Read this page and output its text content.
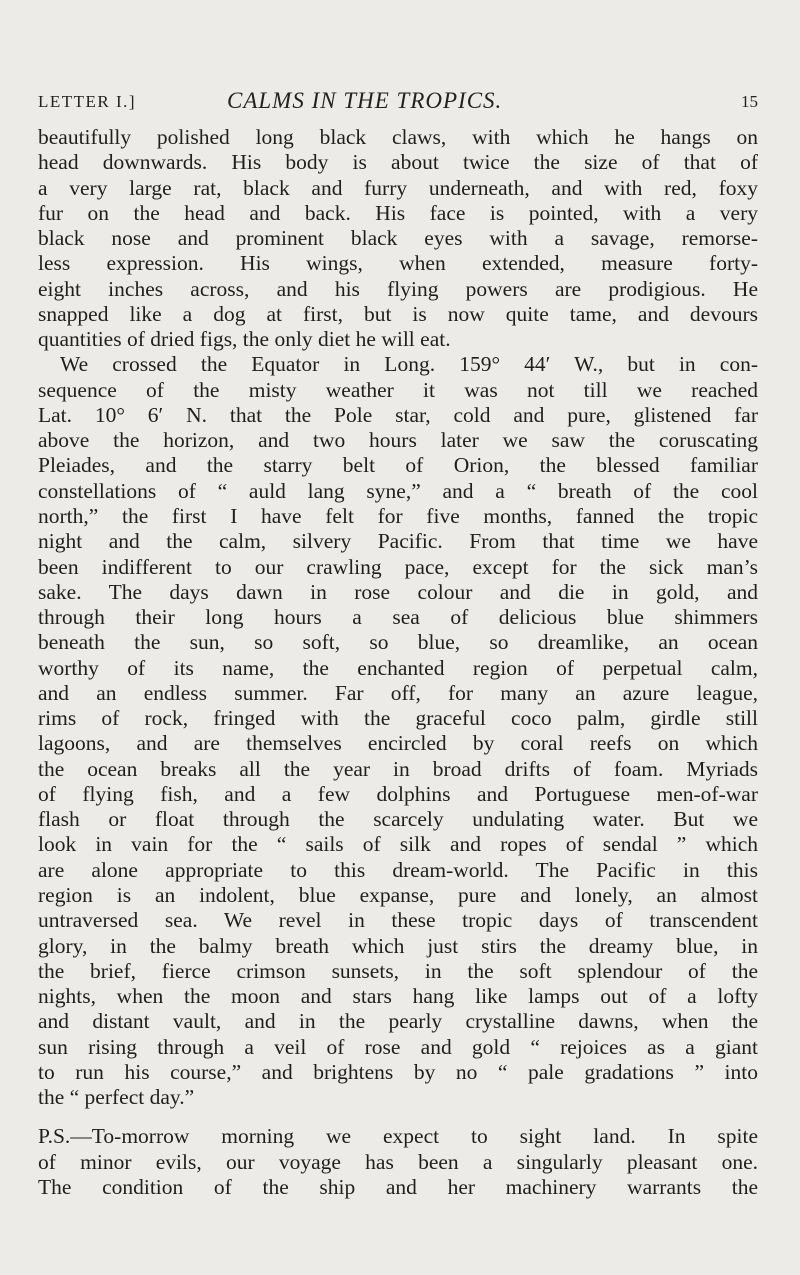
LETTER I.]	CALMS IN THE TROPICS.	15
beautifully polished long black claws, with which he hangs on
head downwards. His body is about twice the size of that of
a very large rat, black and furry underneath, and with red, foxy
fur on the head and back. His face is pointed, with a very
black nose and prominent black eyes with a savage, remorse-
less expression. His wings, when extended, measure forty-
eight inches across, and his flying powers are prodigious. He
snapped like a dog at first, but is now quite tame, and devours
quantities of dried figs, the only diet he will eat.
We crossed the Equator in Long. 159° 44′ W., but in con-
sequence of the misty weather it was not till we reached
Lat. 10° 6′ N. that the Pole star, cold and pure, glistened far
above the horizon, and two hours later we saw the coruscating
Pleiades, and the starry belt of Orion, the blessed familiar
constellations of “ auld lang syne,” and a “ breath of the cool
north,” the first I have felt for five months, fanned the tropic
night and the calm, silvery Pacific. From that time we have
been indifferent to our crawling pace, except for the sick man’s
sake. The days dawn in rose colour and die in gold, and
through their long hours a sea of delicious blue shimmers
beneath the sun, so soft, so blue, so dreamlike, an ocean
worthy of its name, the enchanted region of perpetual calm,
and an endless summer. Far off, for many an azure league,
rims of rock, fringed with the graceful coco palm, girdle still
lagoons, and are themselves encircled by coral reefs on which
the ocean breaks all the year in broad drifts of foam. Myriads
of flying fish, and a few dolphins and Portuguese men-of-war
flash or float through the scarcely undulating water. But we
look in vain for the “ sails of silk and ropes of sendal ” which
are alone appropriate to this dream-world. The Pacific in this
region is an indolent, blue expanse, pure and lonely, an almost
untraversed sea. We revel in these tropic days of transcendent
glory, in the balmy breath which just stirs the dreamy blue, in
the brief, fierce crimson sunsets, in the soft splendour of the
nights, when the moon and stars hang like lamps out of a lofty
and distant vault, and in the pearly crystalline dawns, when the
sun rising through a veil of rose and gold “ rejoices as a giant
to run his course,” and brightens by no “ pale gradations ” into
the “ perfect day.”
P.S.—To-morrow morning we expect to sight land. In spite
of minor evils, our voyage has been a singularly pleasant one.
The condition of the ship and her machinery warrants the
